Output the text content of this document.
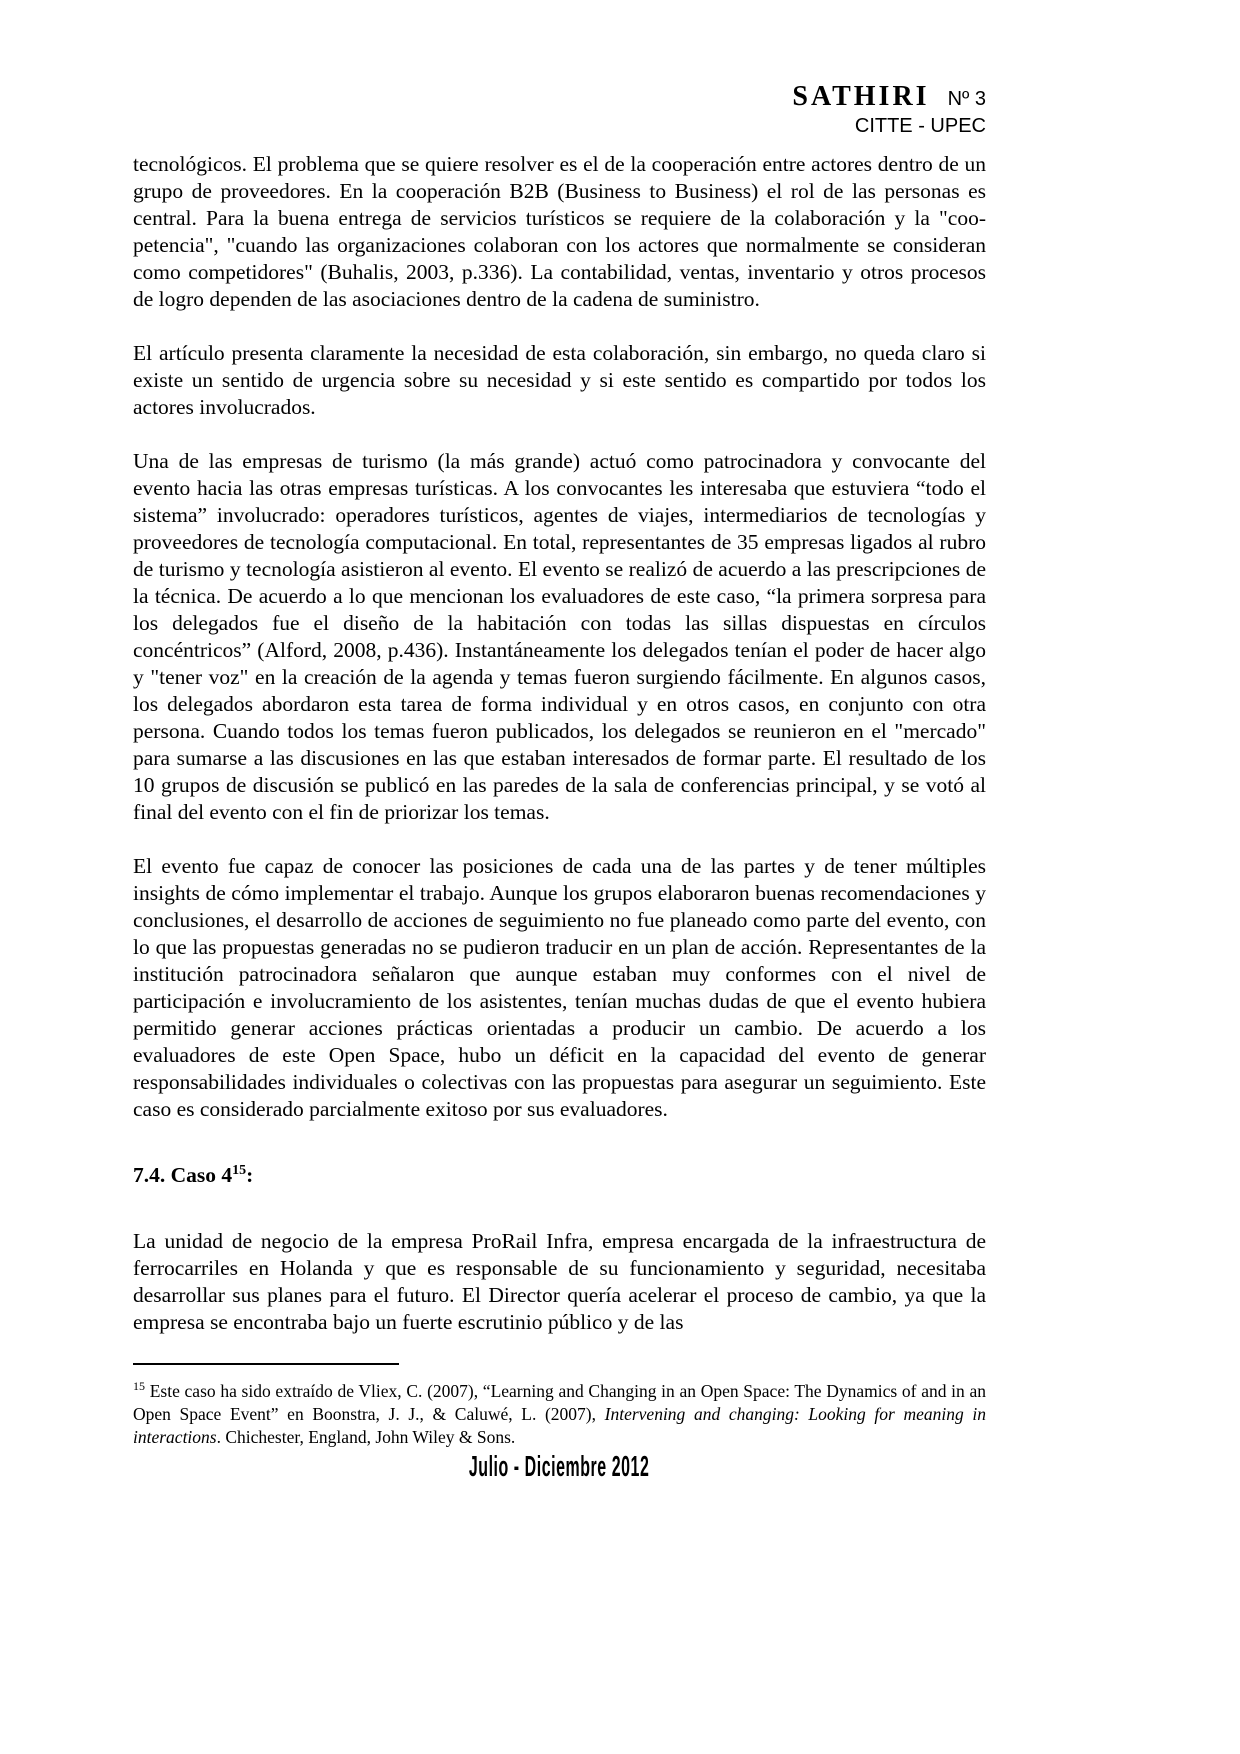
SATHIRI Nº 3
CITTE - UPEC

tecnológicos. El problema que se quiere resolver es el de la cooperación entre actores dentro de un grupo de proveedores. En la cooperación B2B (Business to Business) el rol de las personas es central. Para la buena entrega de servicios turísticos se requiere de la colaboración y la "coo-petencia", "cuando las organizaciones colaboran con los actores que normalmente se consideran como competidores" (Buhalis, 2003, p.336). La contabilidad, ventas, inventario y otros procesos de logro dependen de las asociaciones dentro de la cadena de suministro.

El artículo presenta claramente la necesidad de esta colaboración, sin embargo, no queda claro si existe un sentido de urgencia sobre su necesidad y si este sentido es compartido por todos los actores involucrados.

Una de las empresas de turismo (la más grande) actuó como patrocinadora y convocante del evento hacia las otras empresas turísticas. A los convocantes les interesaba que estuviera “todo el sistema” involucrado: operadores turísticos, agentes de viajes, intermediarios de tecnologías y proveedores de tecnología computacional. En total, representantes de 35 empresas ligados al rubro de turismo y tecnología asistieron al evento. El evento se realizó de acuerdo a las prescripciones de la técnica. De acuerdo a lo que mencionan los evaluadores de este caso, “la primera sorpresa para los delegados fue el diseño de la habitación con todas las sillas dispuestas en círculos concéntricos” (Alford, 2008, p.436). Instantáneamente los delegados tenían el poder de hacer algo y "tener voz" en la creación de la agenda y temas fueron surgiendo fácilmente. En algunos casos, los delegados abordaron esta tarea de forma individual y en otros casos, en conjunto con otra persona. Cuando todos los temas fueron publicados, los delegados se reunieron en el "mercado" para sumarse a las discusiones en las que estaban interesados de formar parte. El resultado de los 10 grupos de discusión se publicó en las paredes de la sala de conferencias principal, y se votó al final del evento con el fin de priorizar los temas.

El evento fue capaz de conocer las posiciones de cada una de las partes y de tener múltiples insights de cómo implementar el trabajo. Aunque los grupos elaboraron buenas recomendaciones y conclusiones, el desarrollo de acciones de seguimiento no fue planeado como parte del evento, con lo que las propuestas generadas no se pudieron traducir en un plan de acción. Representantes de la institución patrocinadora señalaron que aunque estaban muy conformes con el nivel de participación e involucramiento de los asistentes, tenían muchas dudas de que el evento hubiera permitido generar acciones prácticas orientadas a producir un cambio. De acuerdo a los evaluadores de este Open Space, hubo un déficit en la capacidad del evento de generar responsabilidades individuales o colectivas con las propuestas para asegurar un seguimiento. Este caso es considerado parcialmente exitoso por sus evaluadores.

7.4. Caso $4^{15}$:

La unidad de negocio de la empresa ProRail Infra, empresa encargada de la infraestructura de ferrocarriles en Holanda y que es responsable de su funcionamiento y seguridad, necesitaba desarrollar sus planes para el futuro. El Director quería acelerar el proceso de cambio, ya que la empresa se encontraba bajo un fuerte escrutinio público y de las

$^{15}$ Este caso ha sido extraído de Vliex, C. (2007), “Learning and Changing in an Open Space: The Dynamics of and in an Open Space Event” en Boonstra, J. J., & Caluwé, L. (2007), Intervening and changing: Looking for meaning in interactions. Chichester, England, John Wiley & Sons.
Julio - Diciembre 2012
